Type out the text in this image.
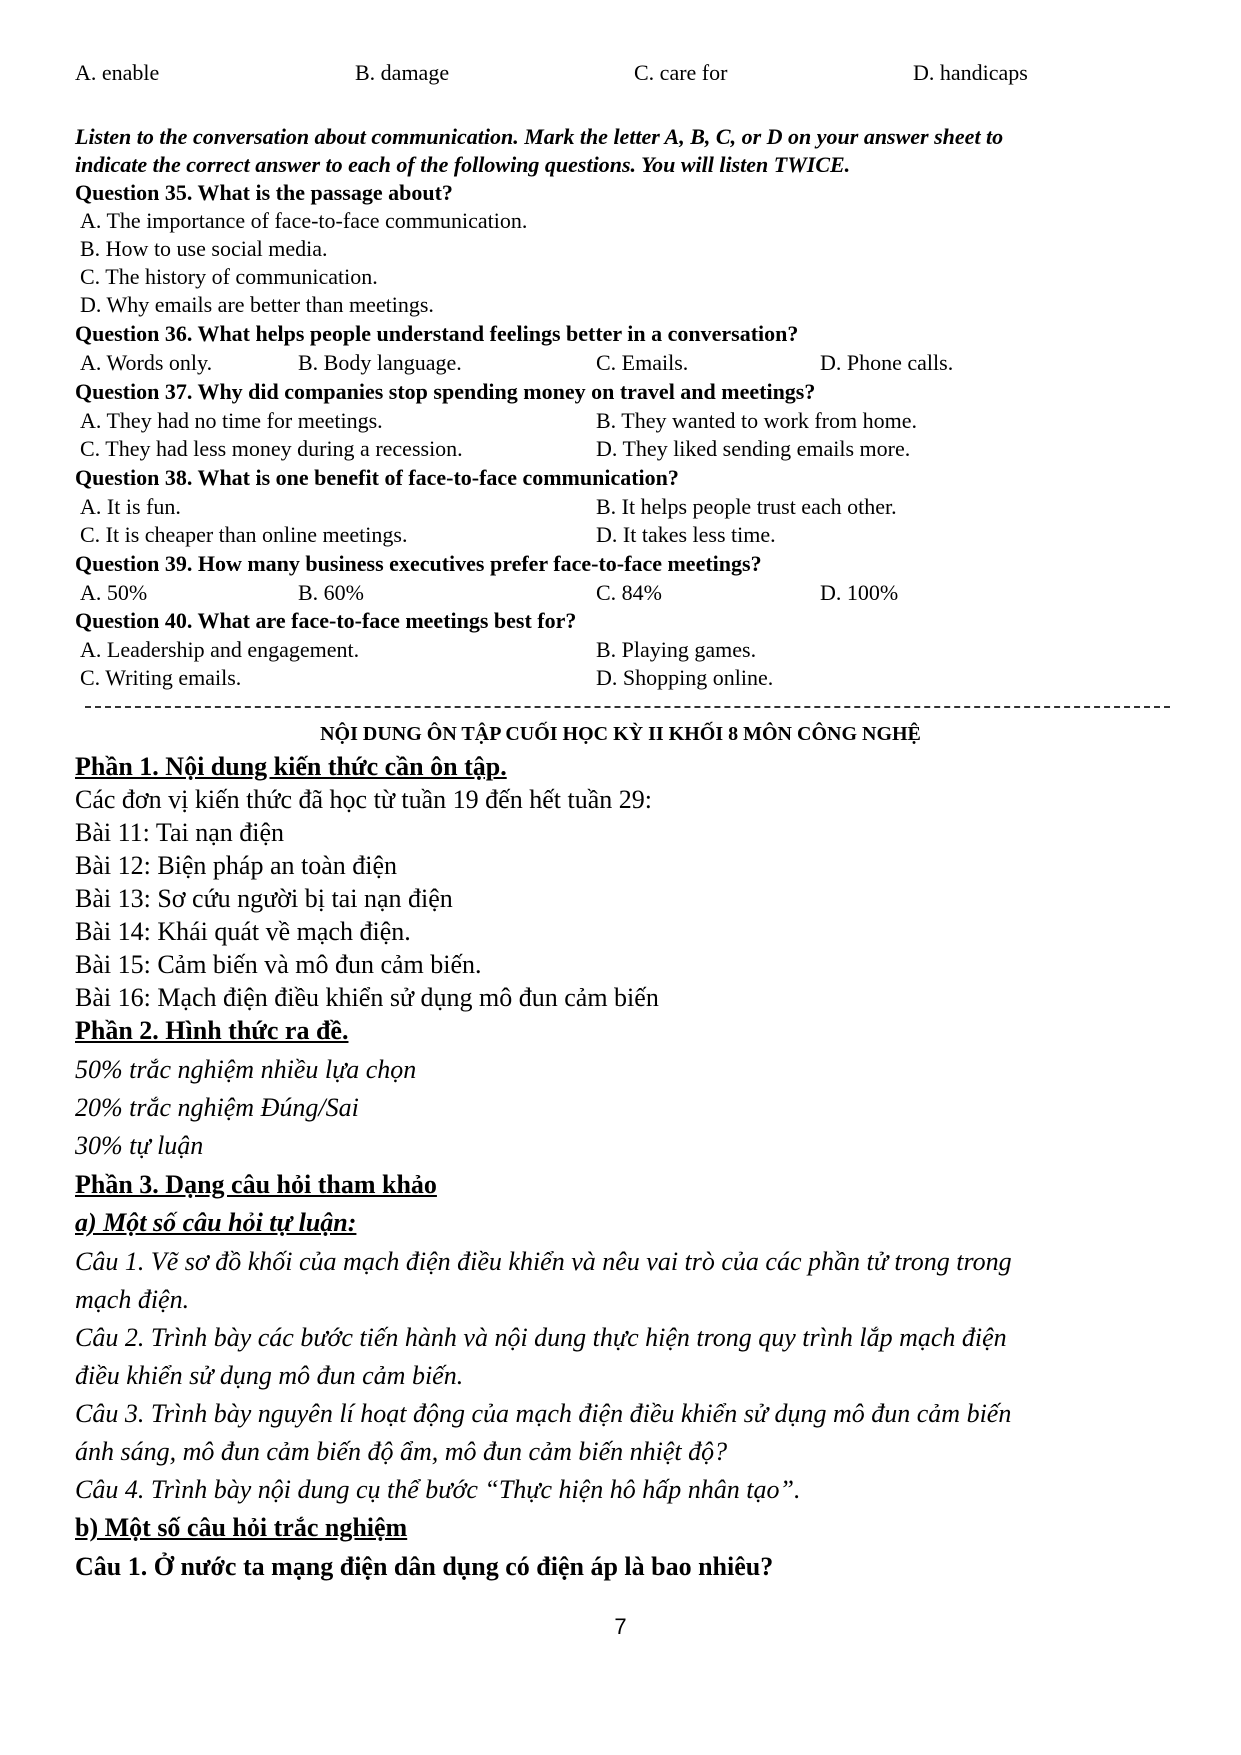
A. enable	B. damage	C. care for	D. handicaps
Listen to the conversation about communication. Mark the letter A, B, C, or D on your answer sheet to
indicate the correct answer to each of the following questions. You will listen TWICE.
Question 35. What is the passage about?
A. The importance of face-to-face communication.
B. How to use social media.
C. The history of communication.
D. Why emails are better than meetings.
Question 36. What helps people understand feelings better in a conversation?
A. Words only.	B. Body language.	C. Emails.	D. Phone calls.
Question 37. Why did companies stop spending money on travel and meetings?
A. They had no time for meetings.	B. They wanted to work from home.
C. They had less money during a recession.	D. They liked sending emails more.
Question 38. What is one benefit of face-to-face communication?
A. It is fun.	B. It helps people trust each other.
C. It is cheaper than online meetings.	D. It takes less time.
Question 39. How many business executives prefer face-to-face meetings?
A. 50%	B. 60%	C. 84%	D. 100%
Question 40. What are face-to-face meetings best for?
A. Leadership and engagement.	B. Playing games.
C. Writing emails.	D. Shopping online.
NỘI DUNG ÔN TẬP CUỐI HỌC KỲ II KHỐI 8 MÔN CÔNG NGHỆ
Phần 1. Nội dung kiến thức cần ôn tập.
Các đơn vị kiến thức đã học từ tuần 19 đến hết tuần 29:
Bài 11: Tai nạn điện
Bài 12: Biện pháp an toàn điện
Bài 13: Sơ cứu người bị tai nạn điện
Bài 14: Khái quát về mạch điện.
Bài 15: Cảm biến và mô đun cảm biến.
Bài 16: Mạch điện điều khiển sử dụng mô đun cảm biến
Phần 2. Hình thức ra đề.
50% trắc nghiệm nhiều lựa chọn
20% trắc nghiệm Đúng/Sai
30% tự luận
Phần 3. Dạng câu hỏi tham khảo
a) Một số câu hỏi tự luận:
Câu 1. Vẽ sơ đồ khối của mạch điện điều khiển và nêu vai trò của các phần tử trong trong
mạch điện.
Câu 2. Trình bày các bước tiến hành và nội dung thực hiện trong quy trình lắp mạch điện
điều khiển sử dụng mô đun cảm biến.
Câu 3. Trình bày nguyên lí hoạt động của mạch điện điều khiển sử dụng mô đun cảm biến
ánh sáng, mô đun cảm biến độ ẩm, mô đun cảm biến nhiệt độ?
Câu 4. Trình bày nội dung cụ thể bước “Thực hiện hô hấp nhân tạo”.
b) Một số câu hỏi trắc nghiệm
Câu 1. Ở nước ta mạng điện dân dụng có điện áp là bao nhiêu?
7
